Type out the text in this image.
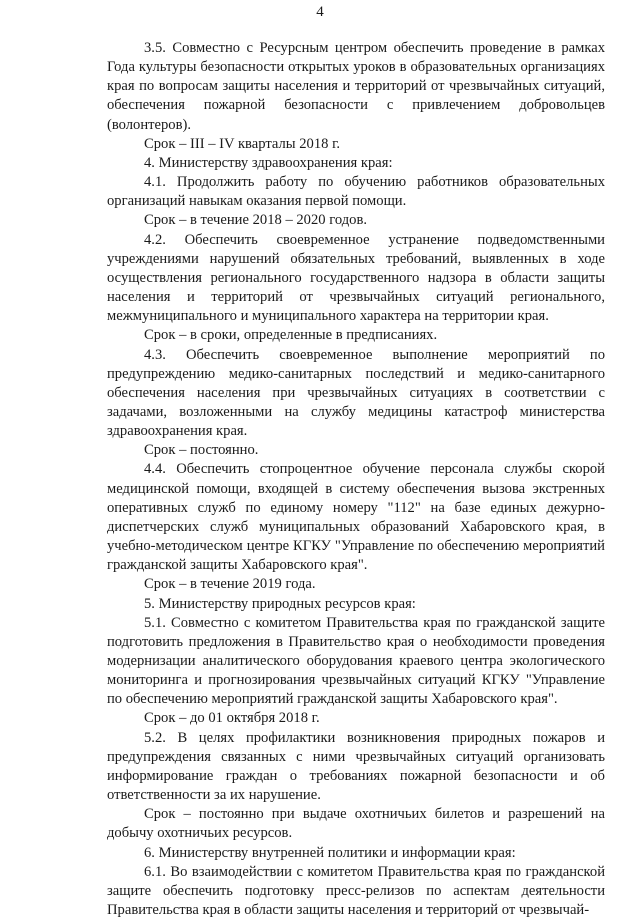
4

3.5. Совместно с Ресурсным центром обеспечить проведение в рамках Года культуры безопасности открытых уроков в образовательных организациях края по вопросам защиты населения и территорий от чрезвычайных ситуаций, обеспечения пожарной безопасности с привлечением добровольцев (волонтеров).

Срок – III – IV кварталы 2018 г.

4. Министерству здравоохранения края:

4.1. Продолжить работу по обучению работников образовательных организаций навыкам оказания первой помощи.

Срок – в течение 2018 – 2020 годов.

4.2. Обеспечить своевременное устранение подведомственными учреждениями нарушений обязательных требований, выявленных в ходе осуществления регионального государственного надзора в области защиты населения и территорий от чрезвычайных ситуаций регионального, межмуниципального и муниципального характера на территории края.

Срок – в сроки, определенные в предписаниях.

4.3. Обеспечить своевременное выполнение мероприятий по предупреждению медико-санитарных последствий и медико-санитарного обеспечения населения при чрезвычайных ситуациях в соответствии с задачами, возложенными на службу медицины катастроф министерства здравоохранения края.

Срок – постоянно.

4.4. Обеспечить стопроцентное обучение персонала службы скорой медицинской помощи, входящей в систему обеспечения вызова экстренных оперативных служб по единому номеру "112" на базе единых дежурно-диспетчерских служб муниципальных образований Хабаровского края, в учебно-методическом центре КГКУ "Управление по обеспечению мероприятий гражданской защиты Хабаровского края".

Срок – в течение 2019 года.

5. Министерству природных ресурсов края:

5.1. Совместно с комитетом Правительства края по гражданской защите подготовить предложения в Правительство края о необходимости проведения модернизации аналитического оборудования краевого центра экологического мониторинга и прогнозирования чрезвычайных ситуаций КГКУ "Управление по обеспечению мероприятий гражданской защиты Хабаровского края".

Срок – до 01 октября 2018 г.

5.2. В целях профилактики возникновения природных пожаров и предупреждения связанных с ними чрезвычайных ситуаций организовать информирование граждан о требованиях пожарной безопасности и об ответственности за их нарушение.

Срок – постоянно при выдаче охотничьих билетов и разрешений на добычу охотничьих ресурсов.

6. Министерству внутренней политики и информации края:

6.1. Во взаимодействии с комитетом Правительства края по гражданской защите обеспечить подготовку пресс-релизов по аспектам деятельности Правительства края в области защиты населения и территорий от чрезвычай-
